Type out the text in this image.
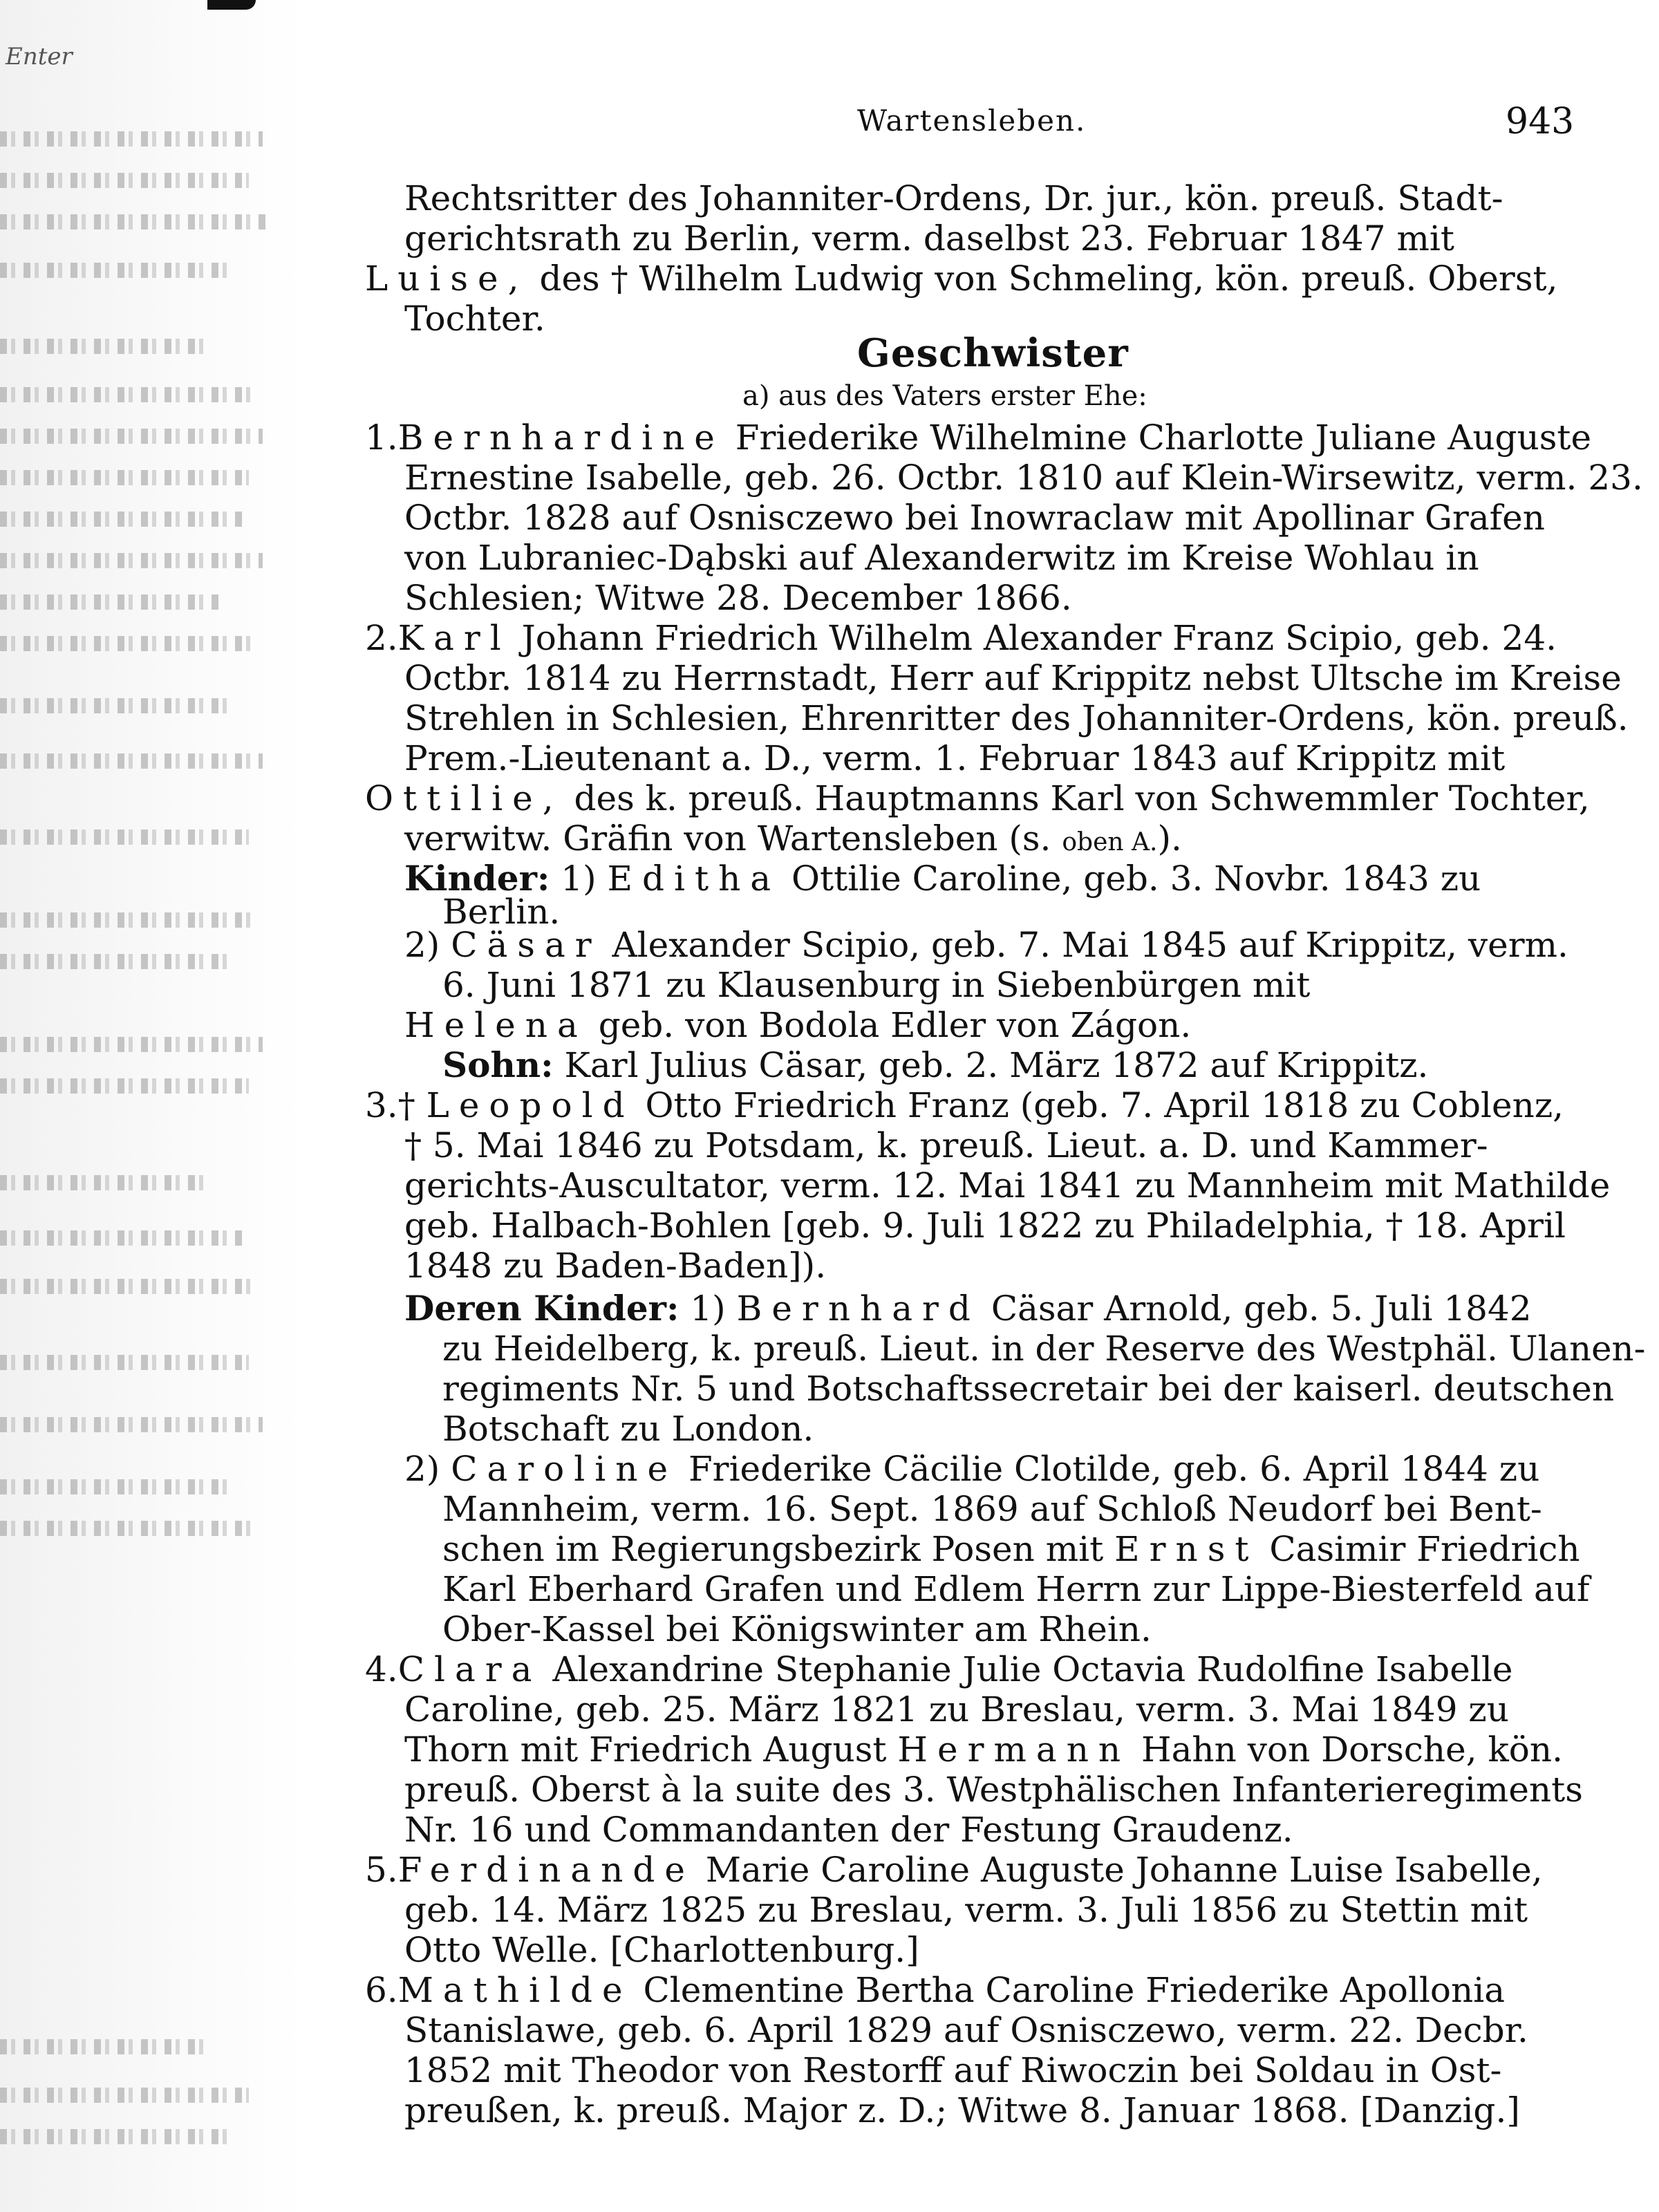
Enter
Wartensleben.	943
Rechtsritter des Johanniter-Ordens, Dr. jur., kön. preuß. Stadt-
gerichtsrath zu Berlin, verm. daselbst 23. Februar 1847 mit
Luise, des † Wilhelm Ludwig von Schmeling, kön. preuß. Oberst,
Tochter.
Geschwister
a) aus des Vaters erster Ehe:
1.Bernhardine Friederike Wilhelmine Charlotte Juliane Auguste
Ernestine Isabelle, geb. 26. Octbr. 1810 auf Klein-Wirsewitz, verm. 23.
Octbr. 1828 auf Osnisczewo bei Inowraclaw mit Apollinar Grafen
von Lubraniec-Dąbski auf Alexanderwitz im Kreise Wohlau in
Schlesien; Witwe 28. December 1866.
2.Karl Johann Friedrich Wilhelm Alexander Franz Scipio, geb. 24.
Octbr. 1814 zu Herrnstadt, Herr auf Krippitz nebst Ultsche im Kreise
Strehlen in Schlesien, Ehrenritter des Johanniter-Ordens, kön. preuß.
Prem.-Lieutenant a. D., verm. 1. Februar 1843 auf Krippitz mit
Ottilie, des k. preuß. Hauptmanns Karl von Schwemmler Tochter,
verwitw. Gräfin von Wartensleben (s. oben A.).
Kinder: 1) Editha Ottilie Caroline, geb. 3. Novbr. 1843 zu
Berlin.
2) Cäsar Alexander Scipio, geb. 7. Mai 1845 auf Krippitz, verm.
6. Juni 1871 zu Klausenburg in Siebenbürgen mit
Helena geb. von Bodola Edler von Zágon.
Sohn: Karl Julius Cäsar, geb. 2. März 1872 auf Krippitz.
3.† Leopold Otto Friedrich Franz (geb. 7. April 1818 zu Coblenz,
† 5. Mai 1846 zu Potsdam, k. preuß. Lieut. a. D. und Kammer-
gerichts-Auscultator, verm. 12. Mai 1841 zu Mannheim mit Mathilde
geb. Halbach-Bohlen [geb. 9. Juli 1822 zu Philadelphia, † 18. April
1848 zu Baden-Baden]).
Deren Kinder: 1) Bernhard Cäsar Arnold, geb. 5. Juli 1842
zu Heidelberg, k. preuß. Lieut. in der Reserve des Westphäl. Ulanen-
regiments Nr. 5 und Botschaftssecretair bei der kaiserl. deutschen
Botschaft zu London.
2) Caroline Friederike Cäcilie Clotilde, geb. 6. April 1844 zu
Mannheim, verm. 16. Sept. 1869 auf Schloß Neudorf bei Bent-
schen im Regierungsbezirk Posen mit Ernst Casimir Friedrich
Karl Eberhard Grafen und Edlem Herrn zur Lippe-Biesterfeld auf
Ober-Kassel bei Königswinter am Rhein.
4.Clara Alexandrine Stephanie Julie Octavia Rudolfine Isabelle
Caroline, geb. 25. März 1821 zu Breslau, verm. 3. Mai 1849 zu
Thorn mit Friedrich August Hermann Hahn von Dorsche, kön.
preuß. Oberst à la suite des 3. Westphälischen Infanterieregiments
Nr. 16 und Commandanten der Festung Graudenz.
5.Ferdinande Marie Caroline Auguste Johanne Luise Isabelle,
geb. 14. März 1825 zu Breslau, verm. 3. Juli 1856 zu Stettin mit
Otto Welle. [Charlottenburg.]
6.Mathilde Clementine Bertha Caroline Friederike Apollonia
Stanislawe, geb. 6. April 1829 auf Osnisczewo, verm. 22. Decbr.
1852 mit Theodor von Restorff auf Riwoczin bei Soldau in Ost-
preußen, k. preuß. Major z. D.; Witwe 8. Januar 1868. [Danzig.]
